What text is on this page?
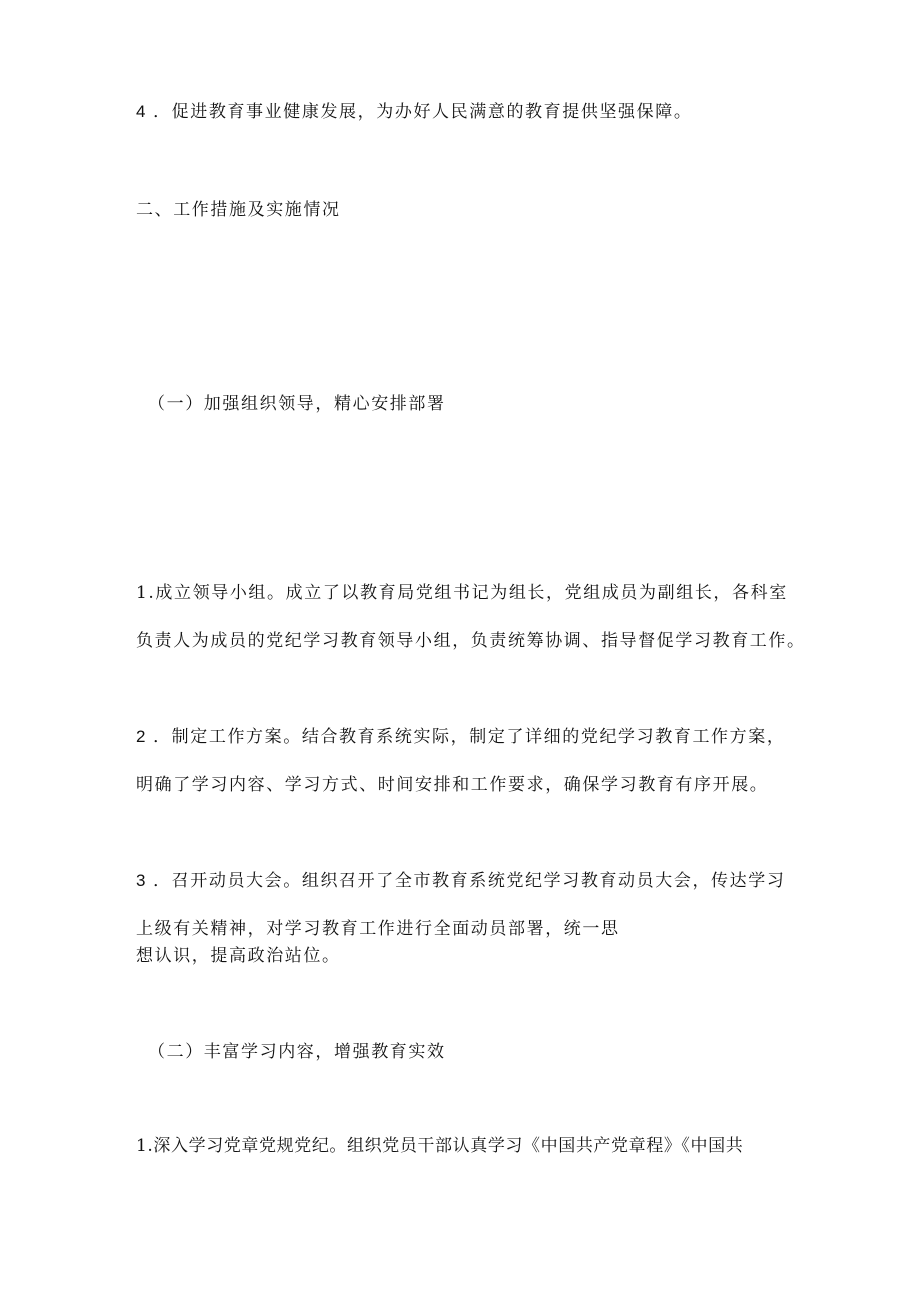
4 ．促进教育事业健康发展，为办好人民满意的教育提供坚强保障。
二、工作措施及实施情况
（一）加强组织领导，精心安排部署
1.成立领导小组。成立了以教育局党组书记为组长，党组成员为副组长，各科室
负责人为成员的党纪学习教育领导小组，负责统筹协调、指导督促学习教育工作。
2 ．制定工作方案。结合教育系统实际，制定了详细的党纪学习教育工作方案，
明确了学习内容、学习方式、时间安排和工作要求，确保学习教育有序开展。
3 ．召开动员大会。组织召开了全市教育系统党纪学习教育动员大会，传达学习
上级有关精神，对学习教育工作进行全面动员部署，统一思
想认识，提高政治站位。
（二）丰富学习内容，增强教育实效
1.深入学习党章党规党纪。组织党员干部认真学习《中国共产党章程》《中国共
